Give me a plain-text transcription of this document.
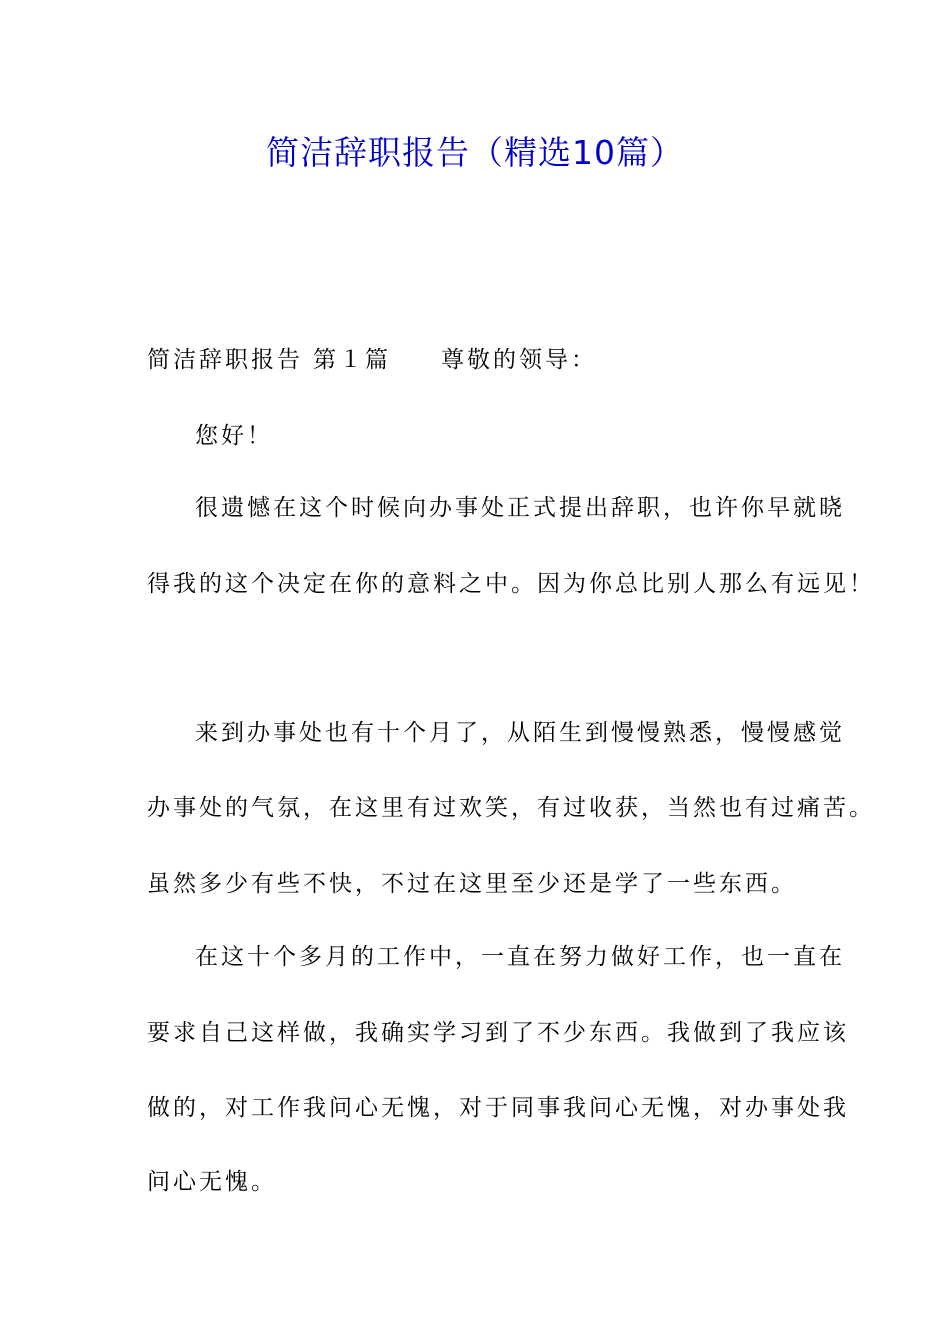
简洁辞职报告（精选10篇）
简洁辞职报告 第１篇 尊敬的领导：
您好！
很遗憾在这个时候向办事处正式提出辞职，也许你早就晓
得我的这个决定在你的意料之中。因为你总比别人那么有远见！
来到办事处也有十个月了，从陌生到慢慢熟悉，慢慢感觉
办事处的气氛，在这里有过欢笑，有过收获，当然也有过痛苦。
虽然多少有些不快，不过在这里至少还是学了一些东西。
在这十个多月的工作中，一直在努力做好工作，也一直在
要求自己这样做，我确实学习到了不少东西。我做到了我应该
做的，对工作我问心无愧，对于同事我问心无愧，对办事处我
问心无愧。
